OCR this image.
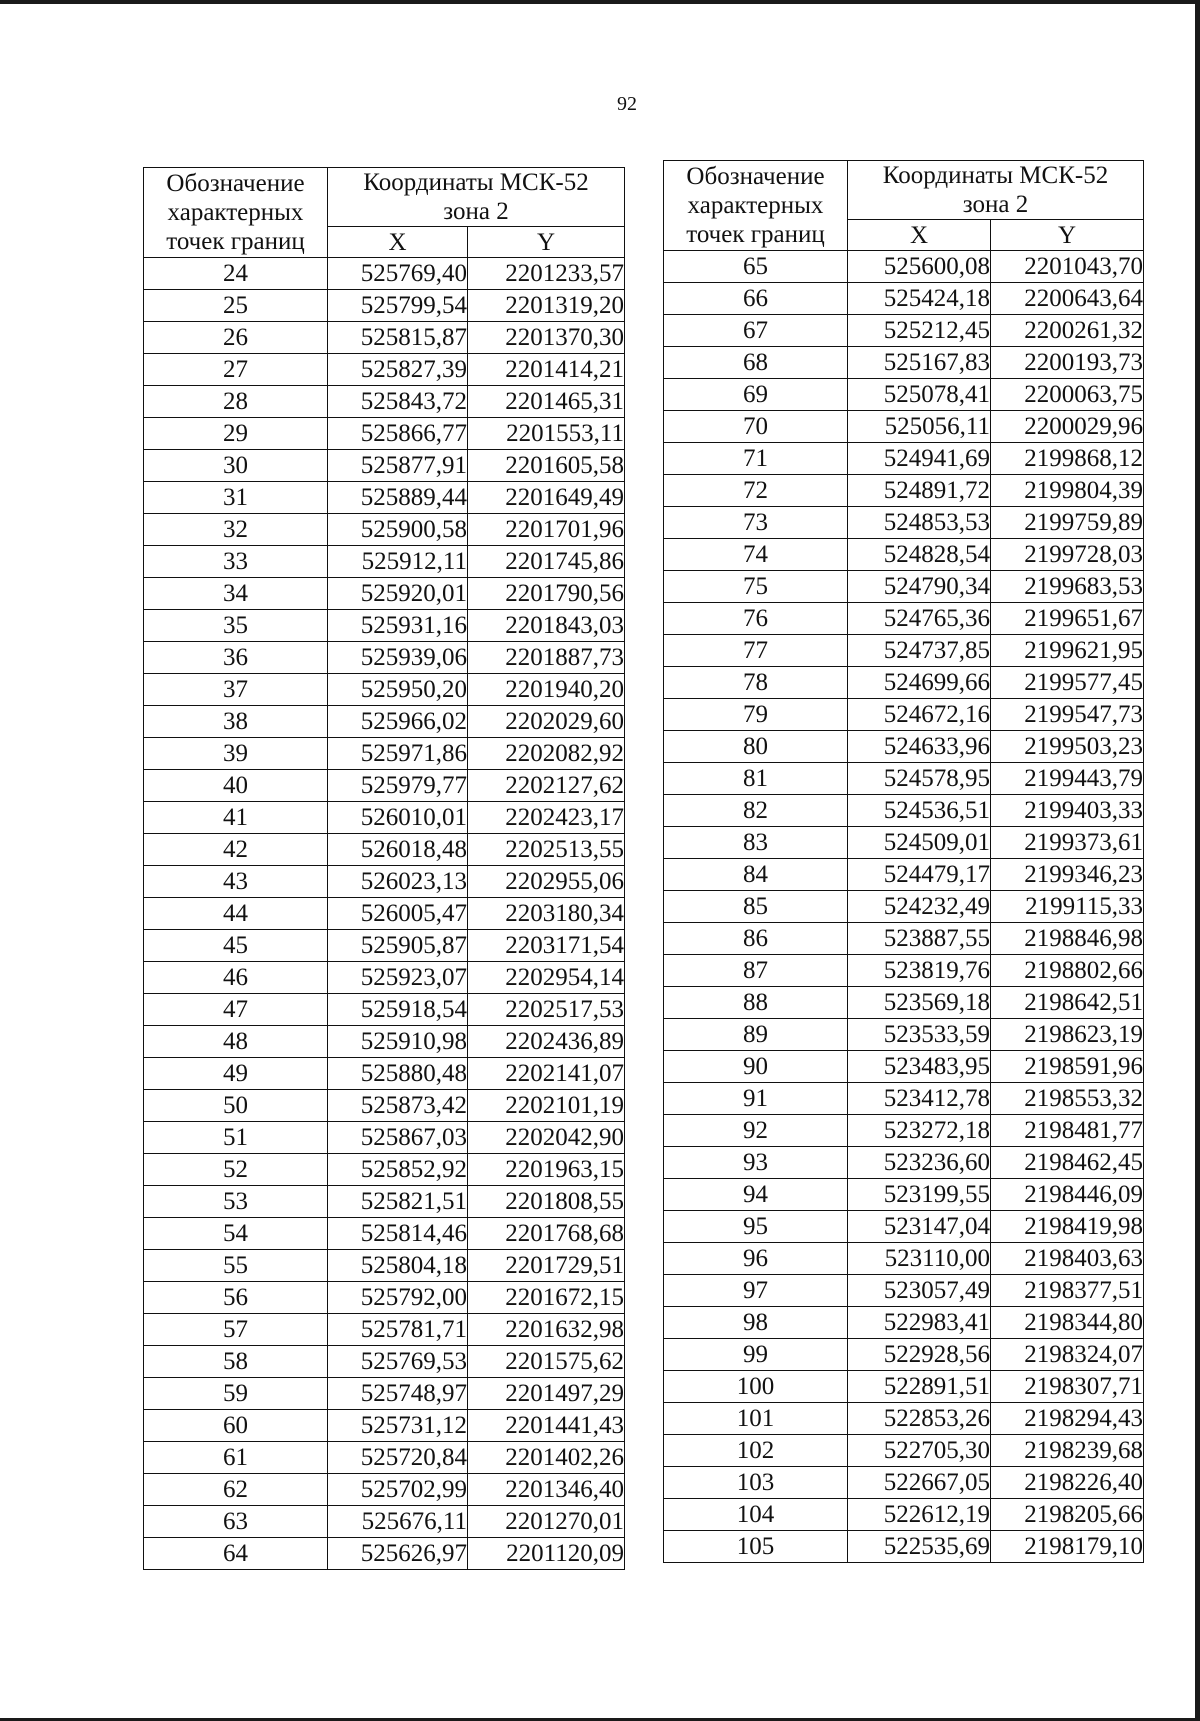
92
Обозначение
характерных
точек границ	Координаты МСК-52
зона 2	
	X	Y
24	525769,40	2201233,57
25	525799,54	2201319,20
26	525815,87	2201370,30
27	525827,39	2201414,21
28	525843,72	2201465,31
29	525866,77	2201553,11
30	525877,91	2201605,58
31	525889,44	2201649,49
32	525900,58	2201701,96
33	525912,11	2201745,86
34	525920,01	2201790,56
35	525931,16	2201843,03
36	525939,06	2201887,73
37	525950,20	2201940,20
38	525966,02	2202029,60
39	525971,86	2202082,92
40	525979,77	2202127,62
41	526010,01	2202423,17
42	526018,48	2202513,55
43	526023,13	2202955,06
44	526005,47	2203180,34
45	525905,87	2203171,54
46	525923,07	2202954,14
47	525918,54	2202517,53
48	525910,98	2202436,89
49	525880,48	2202141,07
50	525873,42	2202101,19
51	525867,03	2202042,90
52	525852,92	2201963,15
53	525821,51	2201808,55
54	525814,46	2201768,68
55	525804,18	2201729,51
56	525792,00	2201672,15
57	525781,71	2201632,98
58	525769,53	2201575,62
59	525748,97	2201497,29
60	525731,12	2201441,43
61	525720,84	2201402,26
62	525702,99	2201346,40
63	525676,11	2201270,01
64	525626,97	2201120,09
Обозначение
характерных
точек границ	Координаты МСК-52
зона 2	
	X	Y
65	525600,08	2201043,70
66	525424,18	2200643,64
67	525212,45	2200261,32
68	525167,83	2200193,73
69	525078,41	2200063,75
70	525056,11	2200029,96
71	524941,69	2199868,12
72	524891,72	2199804,39
73	524853,53	2199759,89
74	524828,54	2199728,03
75	524790,34	2199683,53
76	524765,36	2199651,67
77	524737,85	2199621,95
78	524699,66	2199577,45
79	524672,16	2199547,73
80	524633,96	2199503,23
81	524578,95	2199443,79
82	524536,51	2199403,33
83	524509,01	2199373,61
84	524479,17	2199346,23
85	524232,49	2199115,33
86	523887,55	2198846,98
87	523819,76	2198802,66
88	523569,18	2198642,51
89	523533,59	2198623,19
90	523483,95	2198591,96
91	523412,78	2198553,32
92	523272,18	2198481,77
93	523236,60	2198462,45
94	523199,55	2198446,09
95	523147,04	2198419,98
96	523110,00	2198403,63
97	523057,49	2198377,51
98	522983,41	2198344,80
99	522928,56	2198324,07
100	522891,51	2198307,71
101	522853,26	2198294,43
102	522705,30	2198239,68
103	522667,05	2198226,40
104	522612,19	2198205,66
105	522535,69	2198179,10
